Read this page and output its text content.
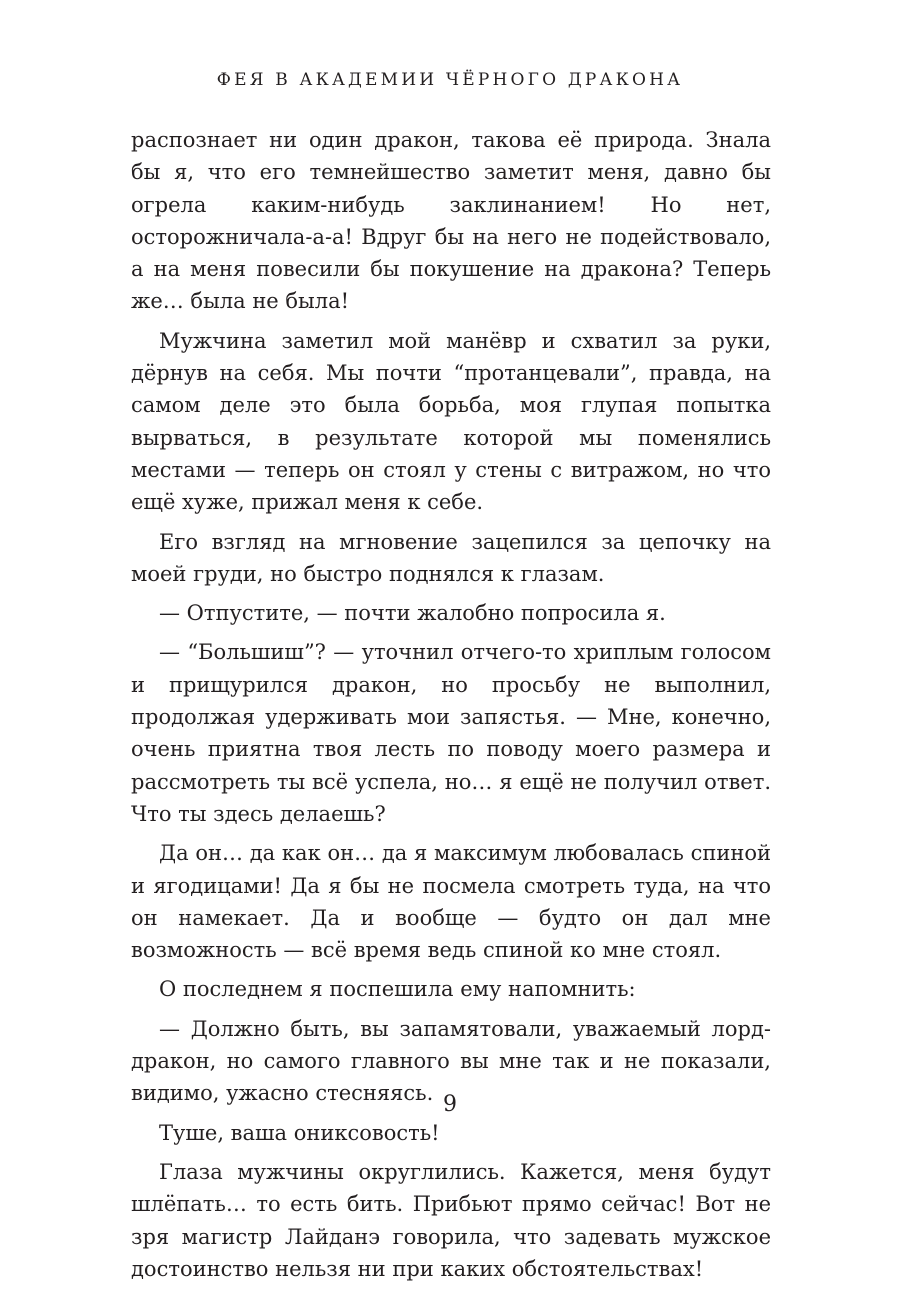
ФЕЯ В АКАДЕМИИ ЧЁРНОГО ДРАКОНА

распознает ни один дракон, такова её природа. Знала бы я, что его темнейшество заметит меня, давно бы огрела каким-нибудь заклинанием! Но нет, осторожничала-а-а! Вдруг бы на него не подействовало, а на меня повесили бы покушение на дракона? Теперь же… была не была!

Мужчина заметил мой манёвр и схватил за руки, дёрнув на себя. Мы почти “протанцевали”, правда, на самом деле это была борьба, моя глупая попытка вырваться, в результате которой мы поменялись местами — теперь он стоял у стены с витражом, но что ещё хуже, прижал меня к себе.

Его взгляд на мгновение зацепился за цепочку на моей груди, но быстро поднялся к глазам.

— Отпустите, — почти жалобно попросила я.

— “Большиш”? — уточнил отчего-то хриплым голосом и прищурился дракон, но просьбу не выполнил, продолжая удерживать мои запястья. — Мне, конечно, очень приятна твоя лесть по поводу моего размера и рассмотреть ты всё успела, но… я ещё не получил ответ. Что ты здесь делаешь?

Да он… да как он… да я максимум любовалась спиной и ягодицами! Да я бы не посмела смотреть туда, на что он намекает. Да и вообще — будто он дал мне возможность — всё время ведь спиной ко мне стоял.

О последнем я поспешила ему напомнить:

— Должно быть, вы запамятовали, уважаемый лорд-дракон, но самого главного вы мне так и не показали, видимо, ужасно стесняясь.

Туше, ваша ониксовость!

Глаза мужчины округлились. Кажется, меня будут шлёпать… то есть бить. Прибьют прямо сейчас! Вот не зря магистр Лайданэ говорила, что задевать мужское достоинство нельзя ни при каких обстоятельствах!

9
